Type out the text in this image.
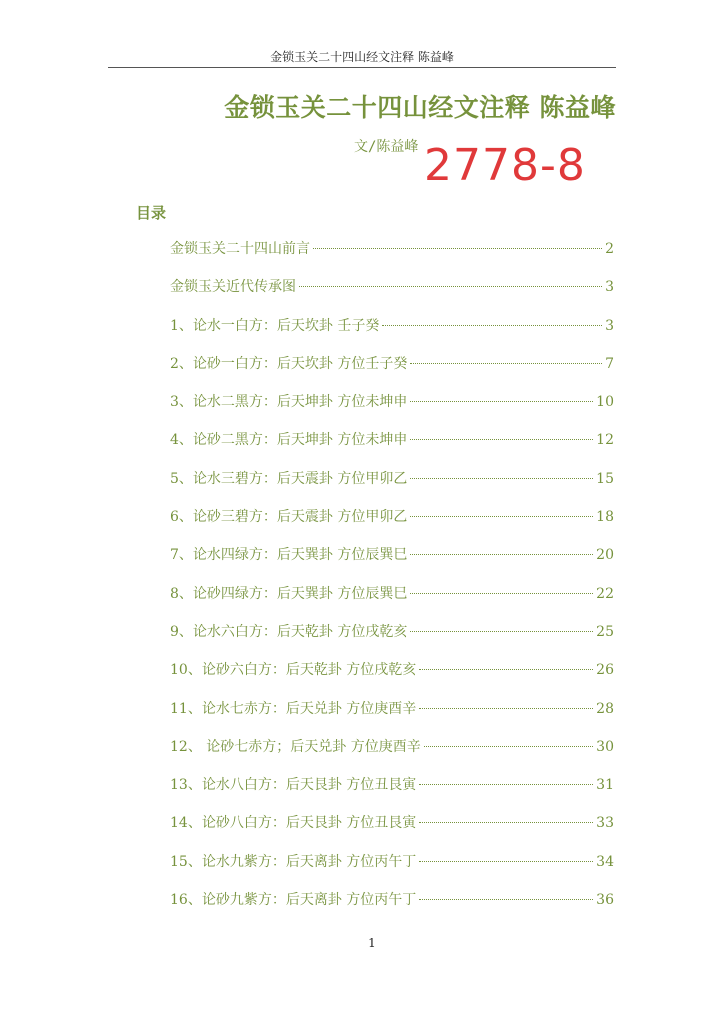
金锁玉关二十四山经文注释 陈益峰
金锁玉关二十四山经文注释 陈益峰
文/陈益峰 2778-8
目录
金锁玉关二十四山前言	2
金锁玉关近代传承图	3
1、论水一白方：后天坎卦 壬子癸	3
2、论砂一白方：后天坎卦 方位壬子癸	7
3、论水二黑方：后天坤卦 方位未坤申	10
4、论砂二黑方：后天坤卦 方位未坤申	12
5、论水三碧方：后天震卦 方位甲卯乙	15
6、论砂三碧方：后天震卦 方位甲卯乙	18
7、论水四绿方：后天巽卦 方位辰巽巳	20
8、论砂四绿方：后天巽卦 方位辰巽巳	22
9、论水六白方：后天乾卦 方位戌乾亥	25
10、论砂六白方：后天乾卦 方位戌乾亥	26
11、论水七赤方：后天兑卦 方位庚酉辛	28
12、 论砂七赤方；后天兑卦 方位庚酉辛	30
13、论水八白方：后天艮卦 方位丑艮寅	31
14、论砂八白方：后天艮卦 方位丑艮寅	33
15、论水九紫方：后天离卦 方位丙午丁	34
16、论砂九紫方：后天离卦 方位丙午丁	36
1
